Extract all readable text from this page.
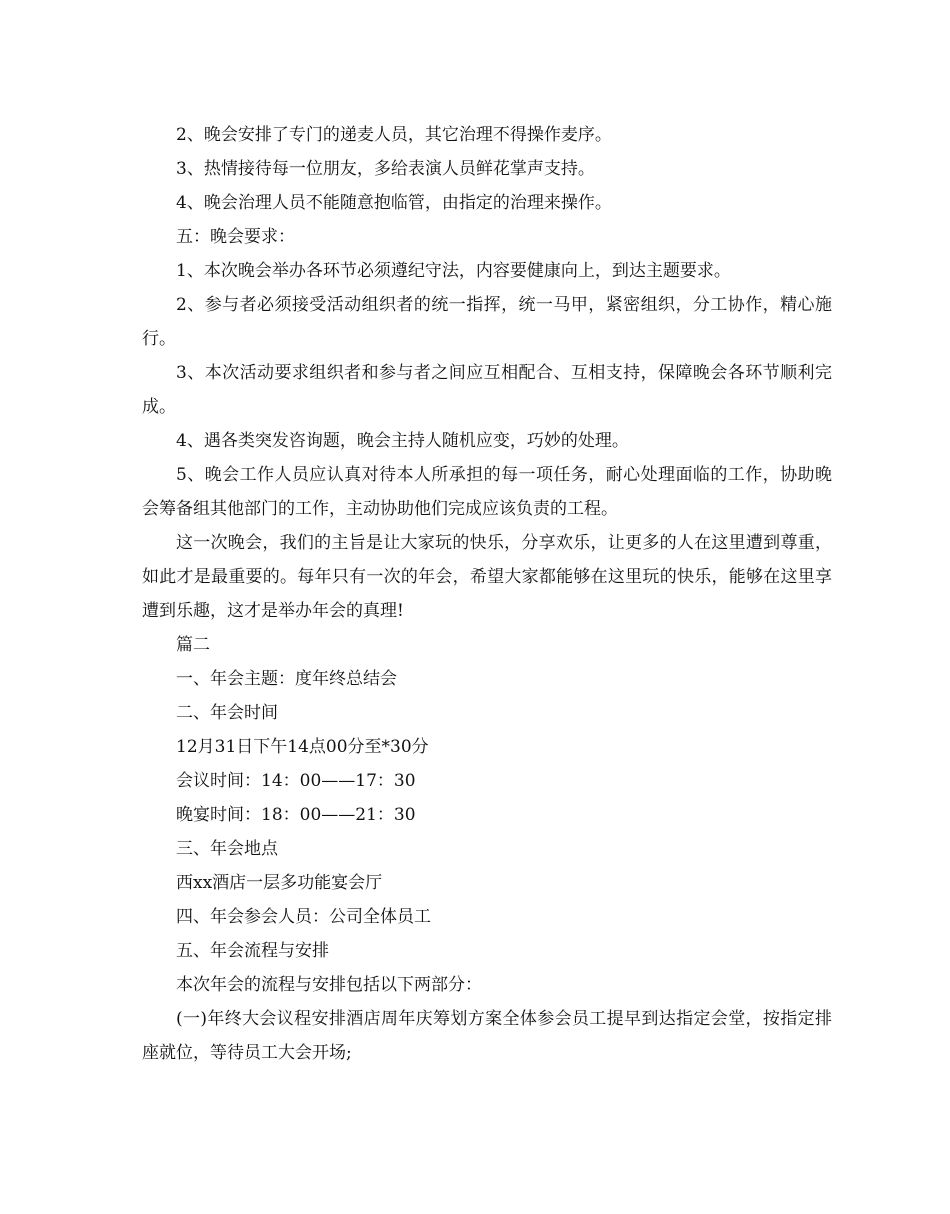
2、晚会安排了专门的递麦人员，其它治理不得操作麦序。

3、热情接待每一位朋友，多给表演人员鲜花掌声支持。

4、晚会治理人员不能随意抱临管，由指定的治理来操作。

五：晚会要求：

1、本次晚会举办各环节必须遵纪守法，内容要健康向上，到达主题要求。

2、参与者必须接受活动组织者的统一指挥，统一马甲，紧密组织，分工协作，精心施行。

3、本次活动要求组织者和参与者之间应互相配合、互相支持，保障晚会各环节顺利完成。

4、遇各类突发咨询题，晚会主持人随机应变，巧妙的处理。

5、晚会工作人员应认真对待本人所承担的每一项任务，耐心处理面临的工作，协助晚会筹备组其他部门的工作，主动协助他们完成应该负责的工程。

这一次晚会，我们的主旨是让大家玩的快乐，分享欢乐，让更多的人在这里遭到尊重，如此才是最重要的。每年只有一次的年会，希望大家都能够在这里玩的快乐，能够在这里享遭到乐趣，这才是举办年会的真理!

篇二

一、年会主题：度年终总结会

二、年会时间

12月31日下午14点00分至*30分

会议时间：14：00——17：30

晚宴时间：18：00——21：30

三、年会地点

西xx酒店一层多功能宴会厅

四、年会参会人员：公司全体员工

五、年会流程与安排

本次年会的流程与安排包括以下两部分：

(一)年终大会议程安排酒店周年庆筹划方案全体参会员工提早到达指定会堂，按指定排座就位，等待员工大会开场;
